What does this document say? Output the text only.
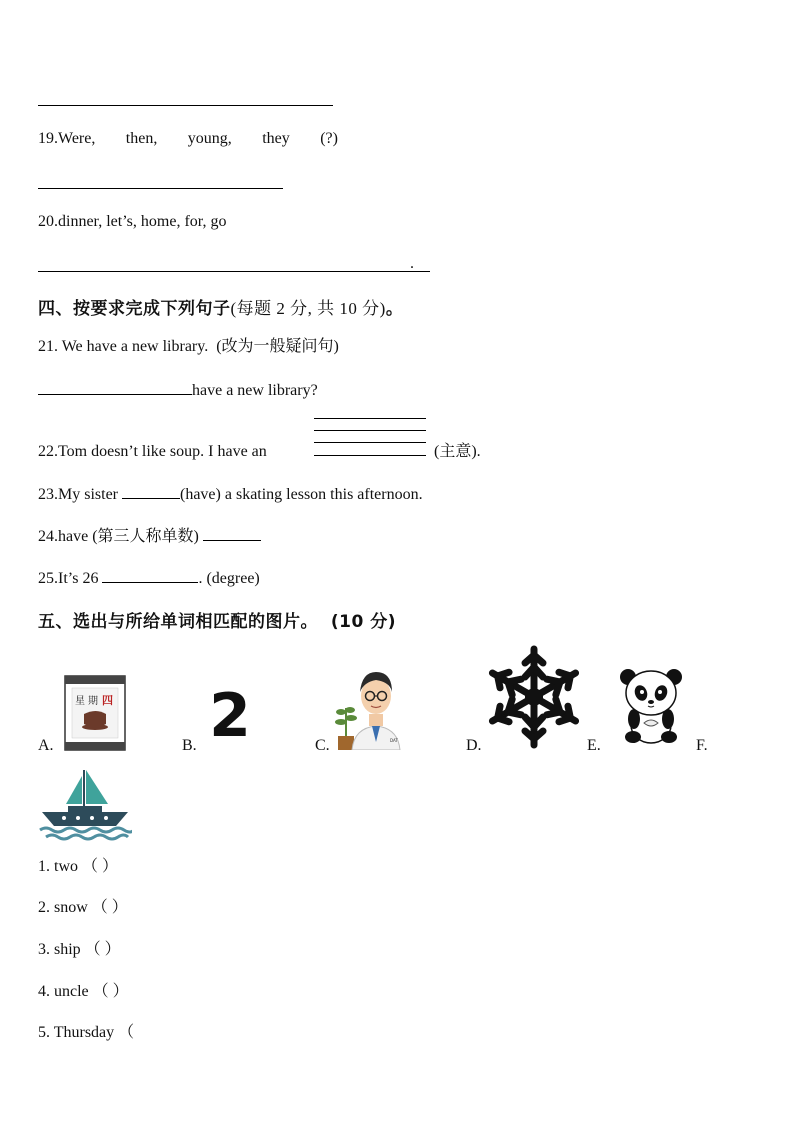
19.Were, then, young, they (?)
20.dinner, let’s, home, for, go
.
四、按要求完成下列句子(每题 2 分, 共 10 分)。
21. We have a new library. (改为一般疑问句)
have a new library?
22.Tom doesn’t like soup. I have an	(主意).
23.My sister	(have) a skating lesson this afternoon.
24.have (第三人称单数)
25.It’s 26	. (degree)
五、选出与所给单词相匹配的图片。 (10 分)
A.
星 期 四
B. 2	C.	DAT	D.	E.	F.
1. two （ ）
2. snow （ ）
3. ship （ ）
4. uncle （ ）
5. Thursday （
